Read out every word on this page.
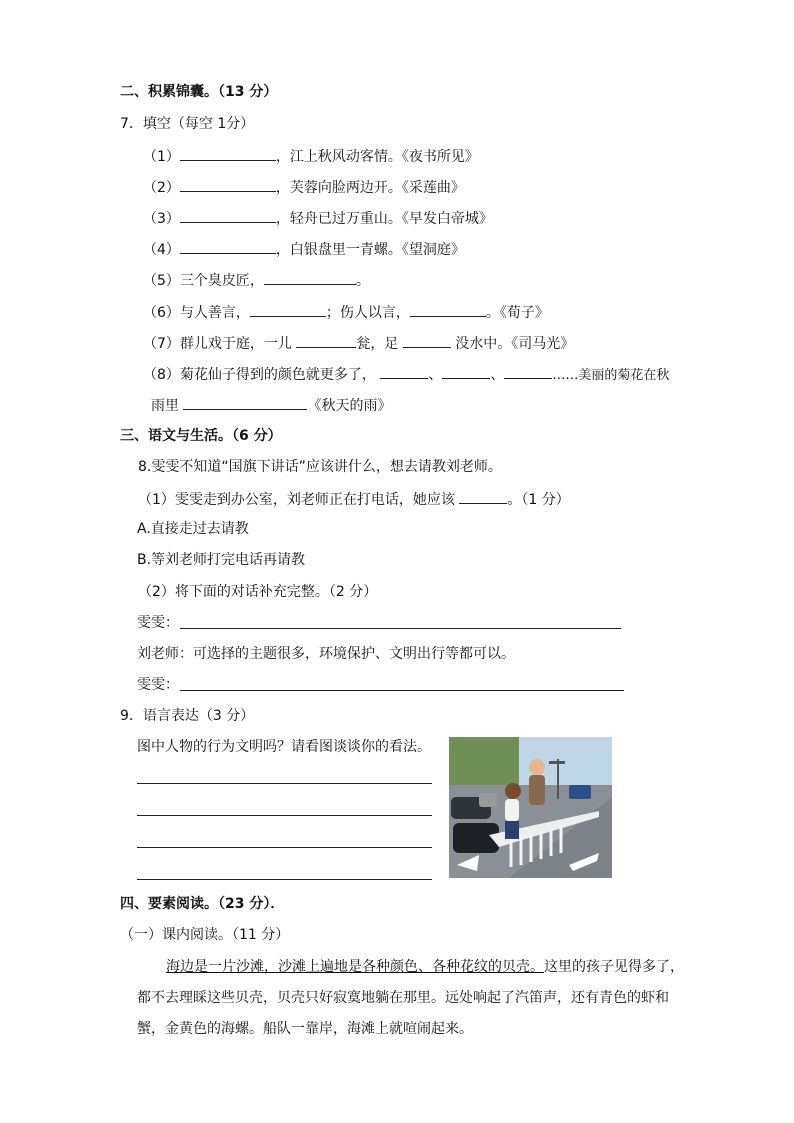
二、积累锦囊。（13 分）
7．填空（每空 1分）
（1）	，江上秋风动客情。《夜书所见》
（2）	，芙蓉向脸两边开。《采莲曲》
（3）	，轻舟已过万重山。《早发白帝城》
（4）	，白银盘里一青螺。《望洞庭》
（5）三个臭皮匠，	。
（6）与人善言，	；伤人以言，	。《荀子》
（7）群儿戏于庭，一儿	瓮，足	没水中。《司马光》
（8）菊花仙子得到的颜色就更多了，	、	、	……美丽的菊花在秋
雨里	《秋天的雨》
三、语文与生活。（6 分）
8.雯雯不知道“国旗下讲话”应该讲什么，想去请教刘老师。
（1）雯雯走到办公室，刘老师正在打电话，她应该	。（1 分）
A.直接走过去请教
B.等刘老师打完电话再请教
（2）将下面的对话补充完整。（2 分）
雯雯：
刘老师：可选择的主题很多，环境保护、文明出行等都可以。
雯雯：
9．语言表达（3 分）
图中人物的行为文明吗？请看图谈谈你的看法。
四、要素阅读。（23 分）．
（一）课内阅读。（11 分）
海边是一片沙滩，沙滩上遍地是各种颜色、各种花纹的贝壳。这里的孩子见得多了，
都不去理睬这些贝壳，贝壳只好寂寞地躺在那里。远处响起了汽笛声，还有青色的虾和
蟹，金黄色的海螺。船队一靠岸，海滩上就喧闹起来。
